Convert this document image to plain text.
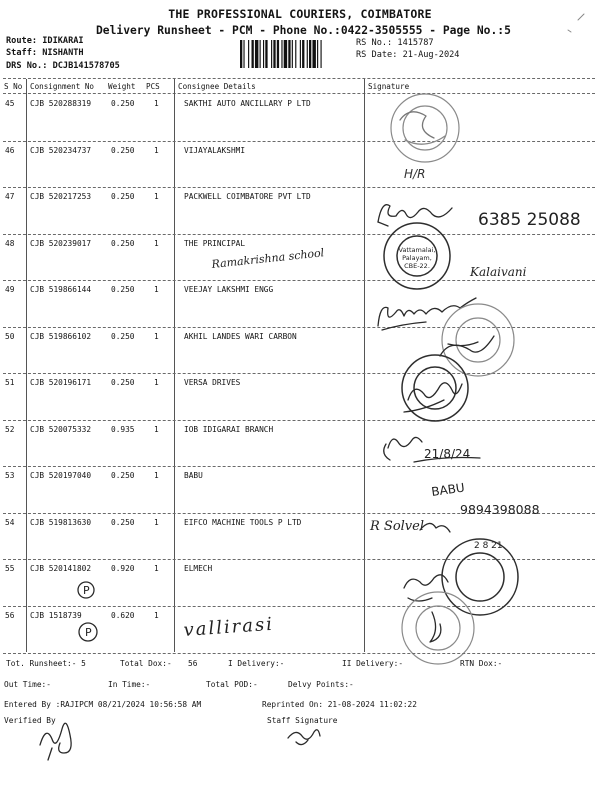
THE PROFESSIONAL COURIERS, COIMBATORE
Delivery Runsheet - PCM - Phone No.:0422-3505555 - Page No.:5
Route: IDIKARAI
Staff: NISHANTH
DRS No.: DCJB141578705
RS No.: 1415787
RS Date: 21-Aug-2024
S No Consignment No Weight PCS Consignee Details	Signature
45 CJB 520288319	0.250	1	SAKTHI AUTO ANCILLARY P LTD
46 CJB 520234737	0.250	1	VIJAYALAKSHMI
47 CJB 520217253	0.250	1	PACKWELL COIMBATORE PVT LTD
48 CJB 520239017	0.250	1	THE PRINCIPAL
49 CJB 519866144	0.250	1	VEEJAY LAKSHMI ENGG
50 CJB 519866102	0.250	1	AKHIL LANDES WARI CARBON
51 CJB 520196171	0.250	1	VERSA DRIVES
52 CJB 520075332	0.935	1	IOB IDIGARAI BRANCH
53 CJB 520197040	0.250	1	BABU
54 CJB 519813630	0.250	1	EIFCO MACHINE TOOLS P LTD
55 CJB 520141802	0.920	1	ELMECH
56 CJB 1518739	0.620	1
H/R
6385 25088
Vattamalai,
Palayam,
CBE-22.
Ramakrishna school
Kalaivani
21/8/24
BABU
9894398088
R Solvel
2 8 21
P
P	vallirasi
Tot. Runsheet:- 5	Total Dox:- 56	I Delivery:-	II Delivery:-	RTN Dox:-
Out Time:-	In Time:-	Total POD:-	Delvy Points:-
Entered By :RAJIPCM 08/21/2024 10:56:58 AM	Reprinted On: 21-08-2024 11:02:22
Verified By	Staff Signature
